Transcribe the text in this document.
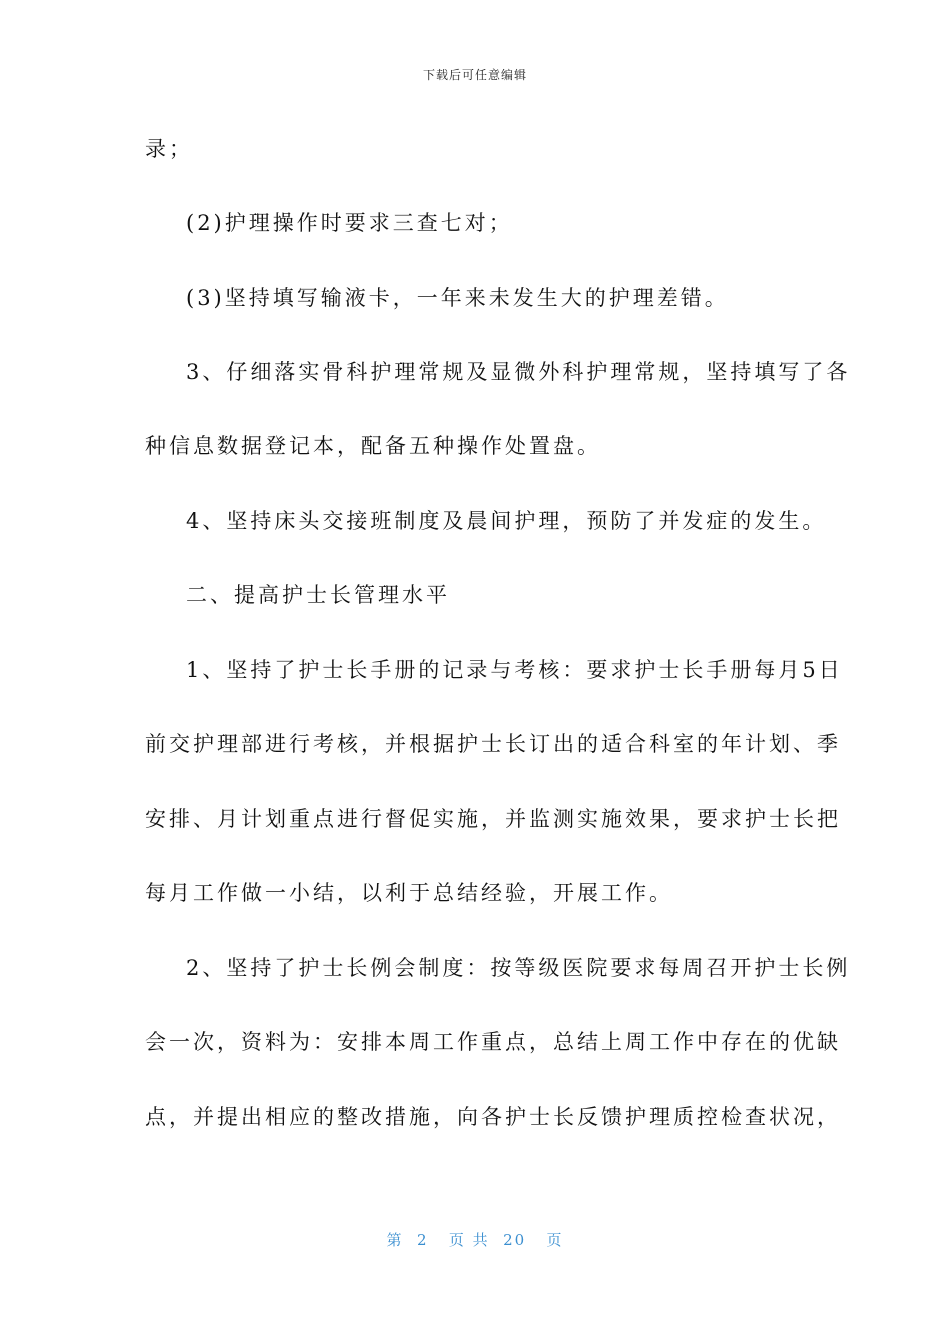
下载后可任意编辑
录；
(2)护理操作时要求三查七对；
(3)坚持填写输液卡，一年来未发生大的护理差错。
3、仔细落实骨科护理常规及显微外科护理常规，坚持填写了各
种信息数据登记本，配备五种操作处置盘。
4、坚持床头交接班制度及晨间护理，预防了并发症的发生。
二、提高护士长管理水平
1、坚持了护士长手册的记录与考核：要求护士长手册每月5日
前交护理部进行考核，并根据护士长订出的适合科室的年计划、季
安排、月计划重点进行督促实施，并监测实施效果，要求护士长把
每月工作做一小结，以利于总结经验，开展工作。
2、坚持了护士长例会制度：按等级医院要求每周召开护士长例
会一次，资料为：安排本周工作重点，总结上周工作中存在的优缺
点，并提出相应的整改措施，向各护士长反馈护理质控检查状况，
第  2   页 共  20   页
